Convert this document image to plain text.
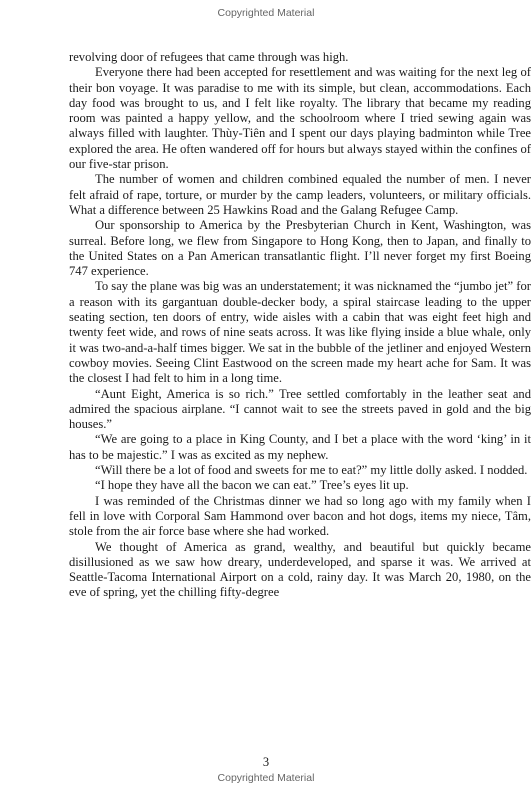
Copyrighted Material

revolving door of refugees that came through was high.

Everyone there had been accepted for resettlement and was waiting for the next leg of their bon voyage. It was paradise to me with its simple, but clean, accommodations. Each day food was brought to us, and I felt like royalty. The library that became my reading room was painted a happy yellow, and the schoolroom where I tried sewing again was always filled with laughter. Thùy-Tiên and I spent our days playing badminton while Tree explored the area. He often wandered off for hours but always stayed within the confines of our five-star prison.

The number of women and children combined equaled the number of men. I never felt afraid of rape, torture, or murder by the camp leaders, volunteers, or military officials. What a difference between 25 Hawkins Road and the Galang Refugee Camp.

Our sponsorship to America by the Presbyterian Church in Kent, Washington, was surreal. Before long, we flew from Singapore to Hong Kong, then to Japan, and finally to the United States on a Pan American transatlantic flight. I’ll never forget my first Boeing 747 experience.

To say the plane was big was an understatement; it was nicknamed the “jumbo jet” for a reason with its gargantuan double-decker body, a spiral staircase leading to the upper seating section, ten doors of entry, wide aisles with a cabin that was eight feet high and twenty feet wide, and rows of nine seats across. It was like flying inside a blue whale, only it was two-and-a-half times bigger. We sat in the bubble of the jetliner and enjoyed Western cowboy movies. Seeing Clint Eastwood on the screen made my heart ache for Sam. It was the closest I had felt to him in a long time.

“Aunt Eight, America is so rich.” Tree settled comfortably in the leather seat and admired the spacious airplane. “I cannot wait to see the streets paved in gold and the big houses.”

“We are going to a place in King County, and I bet a place with the word ‘king’ in it has to be majestic.” I was as excited as my nephew.

“Will there be a lot of food and sweets for me to eat?” my little dolly asked. I nodded.

“I hope they have all the bacon we can eat.” Tree’s eyes lit up.

I was reminded of the Christmas dinner we had so long ago with my family when I fell in love with Corporal Sam Hammond over bacon and hot dogs, items my niece, Tâm, stole from the air force base where she had worked.

We thought of America as grand, wealthy, and beautiful but quickly became disillusioned as we saw how dreary, underdeveloped, and sparse it was. We arrived at Seattle-Tacoma International Airport on a cold, rainy day. It was March 20, 1980, on the eve of spring, yet the chilling fifty-degree

3
Copyrighted Material
